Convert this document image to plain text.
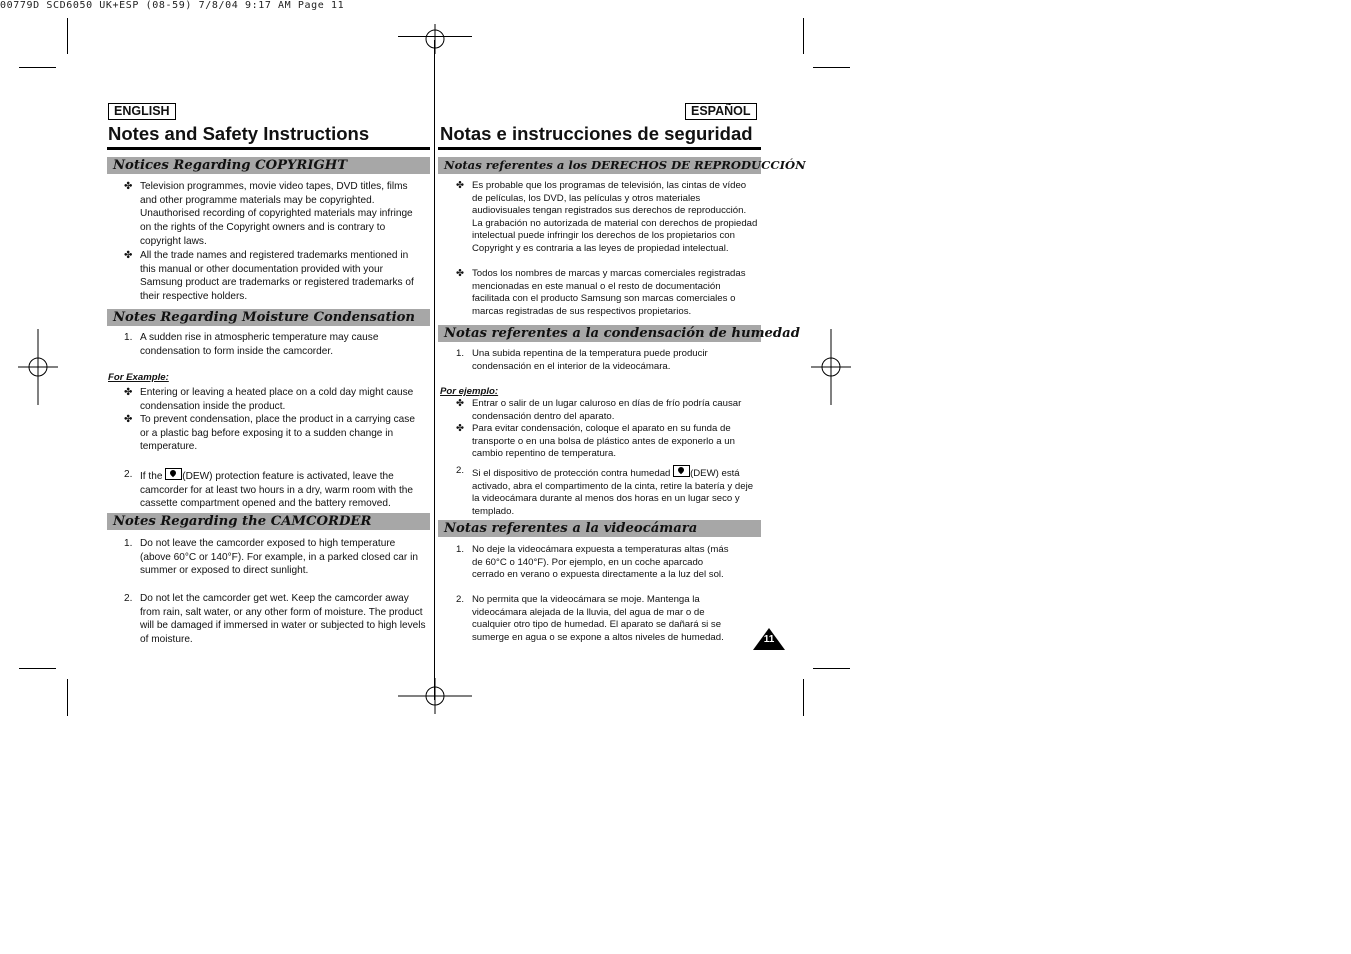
00779D SCD6050 UK+ESP (08-59) 7/8/04 9:17 AM Page 11
ENGLISH
Notes and Safety Instructions
Notices Regarding COPYRIGHT
✤ Television programmes, movie video tapes, DVD titles, films and other programme materials may be copyrighted. Unauthorised recording of copyrighted materials may infringe on the rights of the Copyright owners and is contrary to copyright laws.
✤ All the trade names and registered trademarks mentioned in this manual or other documentation provided with your Samsung product are trademarks or registered trademarks of their respective holders.
Notes Regarding Moisture Condensation
1. A sudden rise in atmospheric temperature may cause condensation to form inside the camcorder.
For Example:
✤ Entering or leaving a heated place on a cold day might cause condensation inside the product.
✤ To prevent condensation, place the product in a carrying case or a plastic bag before exposing it to a sudden change in temperature.
2. If the (DEW) protection feature is activated, leave the camcorder for at least two hours in a dry, warm room with the cassette compartment opened and the battery removed.
Notes Regarding the CAMCORDER
1. Do not leave the camcorder exposed to high temperature (above 60°C or 140°F). For example, in a parked closed car in summer or exposed to direct sunlight.
2. Do not let the camcorder get wet. Keep the camcorder away from rain, salt water, or any other form of moisture. The product will be damaged if immersed in water or subjected to high levels of moisture.
ESPAÑOL
Notas e instrucciones de seguridad
Notas referentes a los DERECHOS DE REPRODUCCIÓN
✤ Es probable que los programas de televisión, las cintas de vídeo de películas, los DVD, las películas y otros materiales audiovisuales tengan registrados sus derechos de reproducción. La grabación no autorizada de material con derechos de propiedad intelectual puede infringir los derechos de los propietarios con Copyright y es contraria a las leyes de propiedad intelectual.
✤ Todos los nombres de marcas y marcas comerciales registradas mencionadas en este manual o el resto de documentación facilitada con el producto Samsung son marcas comerciales o marcas registradas de sus respectivos propietarios.
Notas referentes a la condensación de humedad
1. Una subida repentina de la temperatura puede producir condensación en el interior de la videocámara.
Por ejemplo:
✤ Entrar o salir de un lugar caluroso en días de frío podría causar condensación dentro del aparato.
✤ Para evitar condensación, coloque el aparato en su funda de transporte o en una bolsa de plástico antes de exponerlo a un cambio repentino de temperatura.
2. Si el dispositivo de protección contra humedad (DEW) está activado, abra el compartimento de la cinta, retire la batería y deje la videocámara durante al menos dos horas en un lugar seco y templado.
Notas referentes a la videocámara
1. No deje la videocámara expuesta a temperaturas altas (más de 60°C o 140°F). Por ejemplo, en un coche aparcado cerrado en verano o expuesta directamente a la luz del sol.
2. No permita que la videocámara se moje. Mantenga la videocámara alejada de la lluvia, del agua de mar o de cualquier otro tipo de humedad. El aparato se dañará si se sumerge en agua o se expone a altos niveles de humedad.	11
